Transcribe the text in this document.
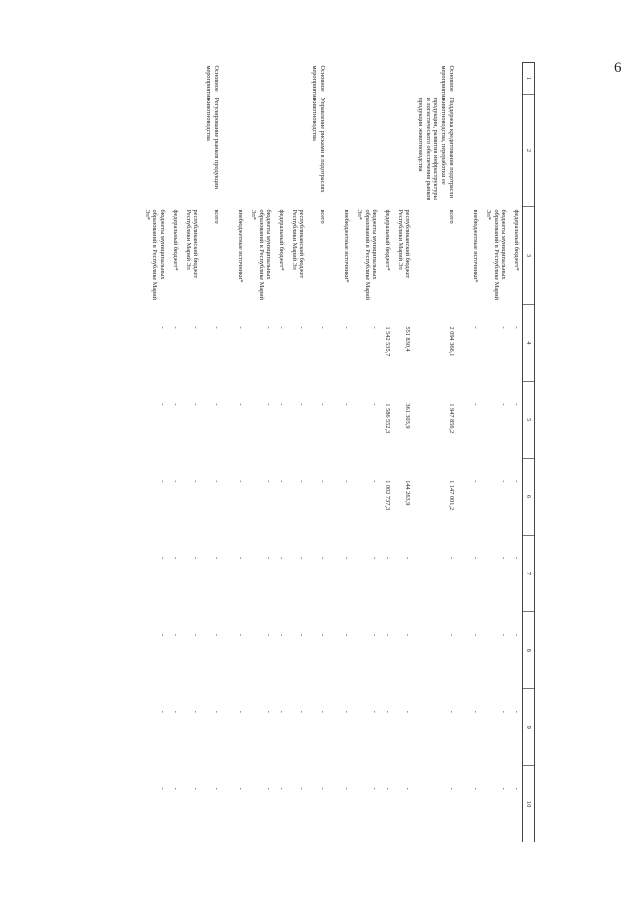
6
1	2	3	4	5	6	7	8	9	10
		федеральный бюджет*	-	-	-	-	-	-	-
		бюджеты муниципальных образований в Республике Марий Эл*	-	-	-	-	-	-	-
		внебюджетные источники*	-	-	-	-	-	-	-

Основное мероприятие	Поддержка кредитования подотрасли животноводства, переработки ее продукции, развития инфраструктуры и логистического обеспечения рынков продукции животноводства	всего	2 094 366,1	1 947 856,2	1 147 001,2	-	-	-	-
		республиканский бюджет Республики Марий Эл	551 830,4	361 303,9	144 263,9	-	-	-	-
		федеральный бюджет*	1 542 535,7	1 586 552,3	1 002 737,3	-	-	-	-
		бюджеты муниципальных образований в Республике Марий Эл*	-	-	-	-	-	-	-
		внебюджетные источники*	-	-	-	-	-	-	-

Основное мероприятие	Управление рисками в подотраслях животноводства	всего	-	-	-	-	-	-	-
		республиканский бюджет Республики Марий Эл	-	-	-	-	-	-	-
		федеральный бюджет*	-	-	-	-	-	-	-
		бюджеты муниципальных образований в Республике Марий Эл*	-	-	-	-	-	-	-
		внебюджетные источники*	-	-	-	-	-	-	-

Основное мероприятие	Регулирование рынков продукции животноводства	всего	-	-	-	-	-	-	-
		республиканский бюджет Республики Марий Эл	-	-	-	-	-	-	-
		федеральный бюджет*	-	-	-	-	-	-	-
		бюджеты муниципальных образований в Республике Марий Эл*	-	-	-	-	-	-	-
